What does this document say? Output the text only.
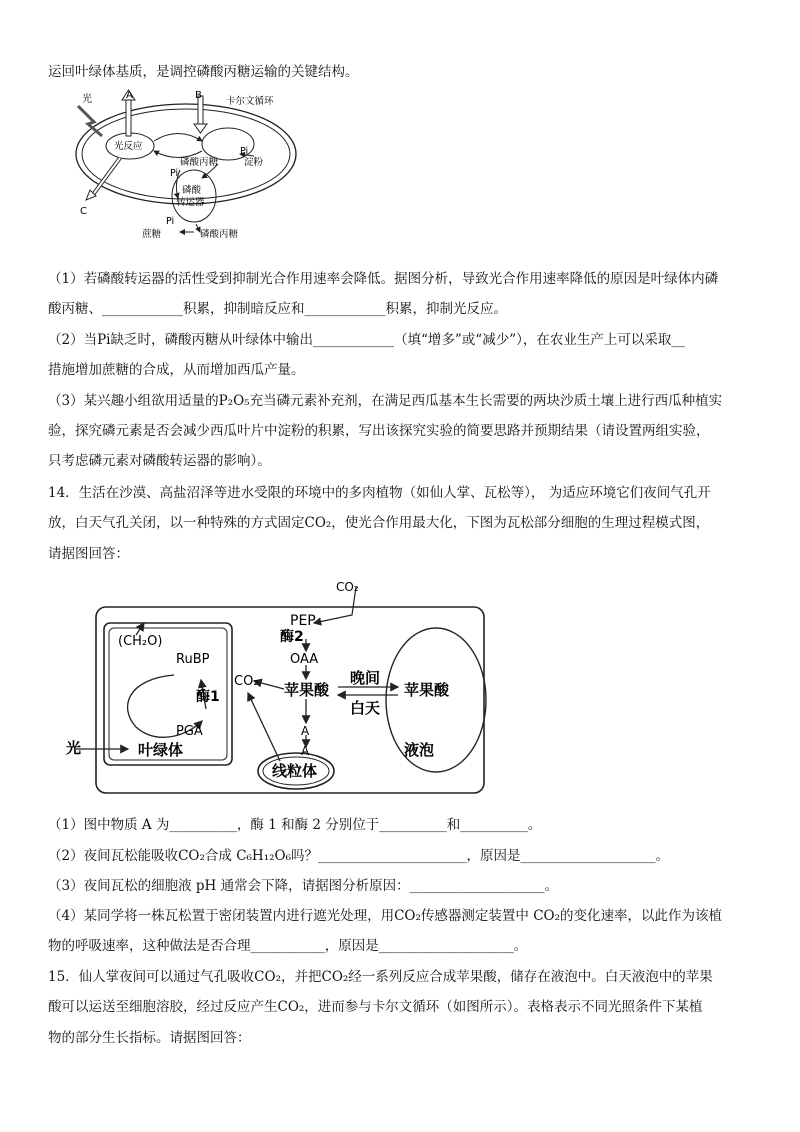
运回叶绿体基质，是调控磷酸丙糖运输的关键结构。
光	A	B
C
卡尔文循环
光反应	Pi
淀粉
磷酸丙糖
Pi
磷酸
转运器
Pi
蔗糖	磷酸丙糖
（1）若磷酸转运器的活性受到抑制光合作用速率会降低。据图分析，导致光合作用速率降低的原因是叶绿体内磷
酸丙糖、____________积累，抑制暗反应和____________积累，抑制光反应。
（2）当Pi缺乏时，磷酸丙糖从叶绿体中输出____________（填“增多”或“减少”），在农业生产上可以采取__
措施增加蔗糖的合成，从而增加西瓜产量。
（3）某兴趣小组欲用适量的P₂O₅充当磷元素补充剂，在满足西瓜基本生长需要的两块沙质土壤上进行西瓜种植实
验，探究磷元素是否会减少西瓜叶片中淀粉的积累，写出该探究实验的简要思路并预期结果（请设置两组实验，
只考虑磷元素对磷酸转运器的影响）。
14．生活在沙漠、高盐沼泽等进水受限的环境中的多肉植物（如仙人掌、瓦松等）， 为适应环境它们夜间气孔开
放，白天气孔关闭，以一种特殊的方式固定CO₂，使光合作用最大化，下图为瓦松部分细胞的生理过程模式图，
请据图回答：
CO₂
PEP
酶2
OAA
苹果酸
晚间
白天
苹果酸
液泡
A
A
线粒体
(CH₂O)
RuBP
CO₂
酶1
PGA
光	叶绿体
（1）图中物质 A 为__________，酶 1 和酶 2 分别位于__________和__________。
（2）夜间瓦松能吸收CO₂合成 C₆H₁₂O₆吗？______________________，原因是____________________。
（3）夜间瓦松的细胞液 pH 通常会下降，请据图分析原因：____________________。
（4）某同学将一株瓦松置于密闭装置内进行遮光处理，用CO₂传感器测定装置中 CO₂的变化速率，以此作为该植
物的呼吸速率，这种做法是否合理___________，原因是____________________。
15．仙人掌夜间可以通过气孔吸收CO₂，并把CO₂经一系列反应合成苹果酸，储存在液泡中。白天液泡中的苹果
酸可以运送至细胞溶胶，经过反应产生CO₂，进而参与卡尔文循环（如图所示）。表格表示不同光照条件下某植
物的部分生长指标。请据图回答：
